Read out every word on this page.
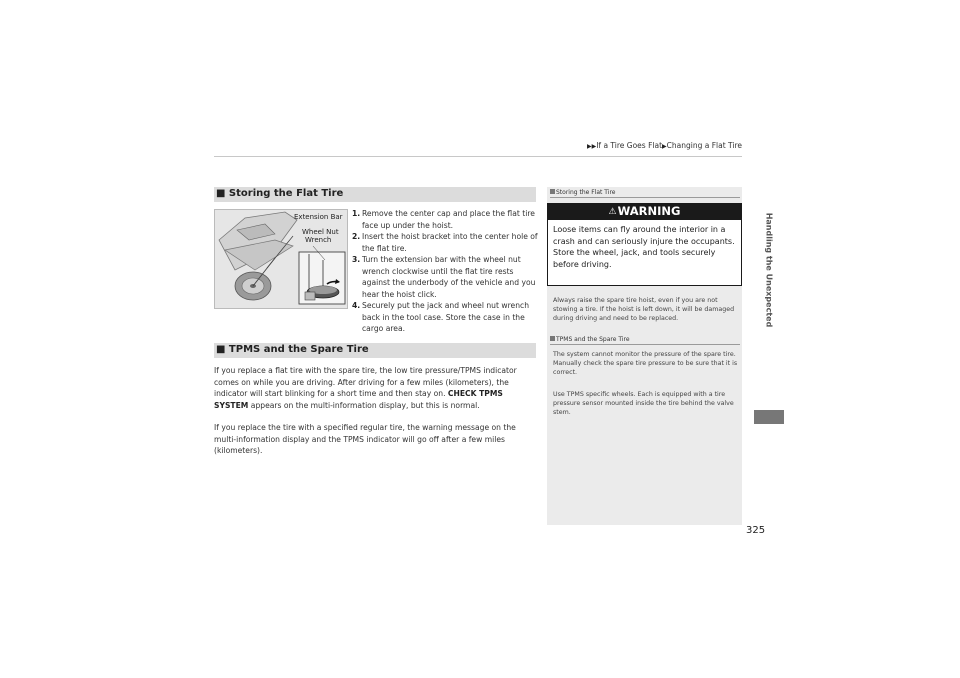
▶▶If a Tire Goes Flat▶Changing a Flat Tire
Handling the Unexpected
■ Storing the Flat Tire
Extension Bar
Wheel Nut
Wrench
1. Remove the center cap and place the flat tire face up under the hoist.
2. Insert the hoist bracket into the center hole of the flat tire.
3. Turn the extension bar with the wheel nut wrench clockwise until the flat tire rests against the underbody of the vehicle and you hear the hoist click.
4. Securely put the jack and wheel nut wrench back in the tool case. Store the case in the cargo area.
■ TPMS and the Spare Tire

If you replace a flat tire with the spare tire, the low tire pressure/TPMS indicator comes on while you are driving. After driving for a few miles (kilometers), the indicator will start blinking for a short time and then stay on. CHECK TPMS SYSTEM appears on the multi-information display, but this is normal.

If you replace the tire with a specified regular tire, the warning message on the multi-information display and the TPMS indicator will go off after a few miles (kilometers).

Storing the Flat Tire
⚠WARNING
Loose items can fly around the interior in a crash and can seriously injure the occupants. Store the wheel, jack, and tools securely before driving.

Always raise the spare tire hoist, even if you are not stowing a tire. If the hoist is left down, it will be damaged during driving and need to be replaced.

TPMS and the Spare Tire

The system cannot monitor the pressure of the spare tire. Manually check the spare tire pressure to be sure that it is correct.

Use TPMS specific wheels. Each is equipped with a tire pressure sensor mounted inside the tire behind the valve stem.

325
